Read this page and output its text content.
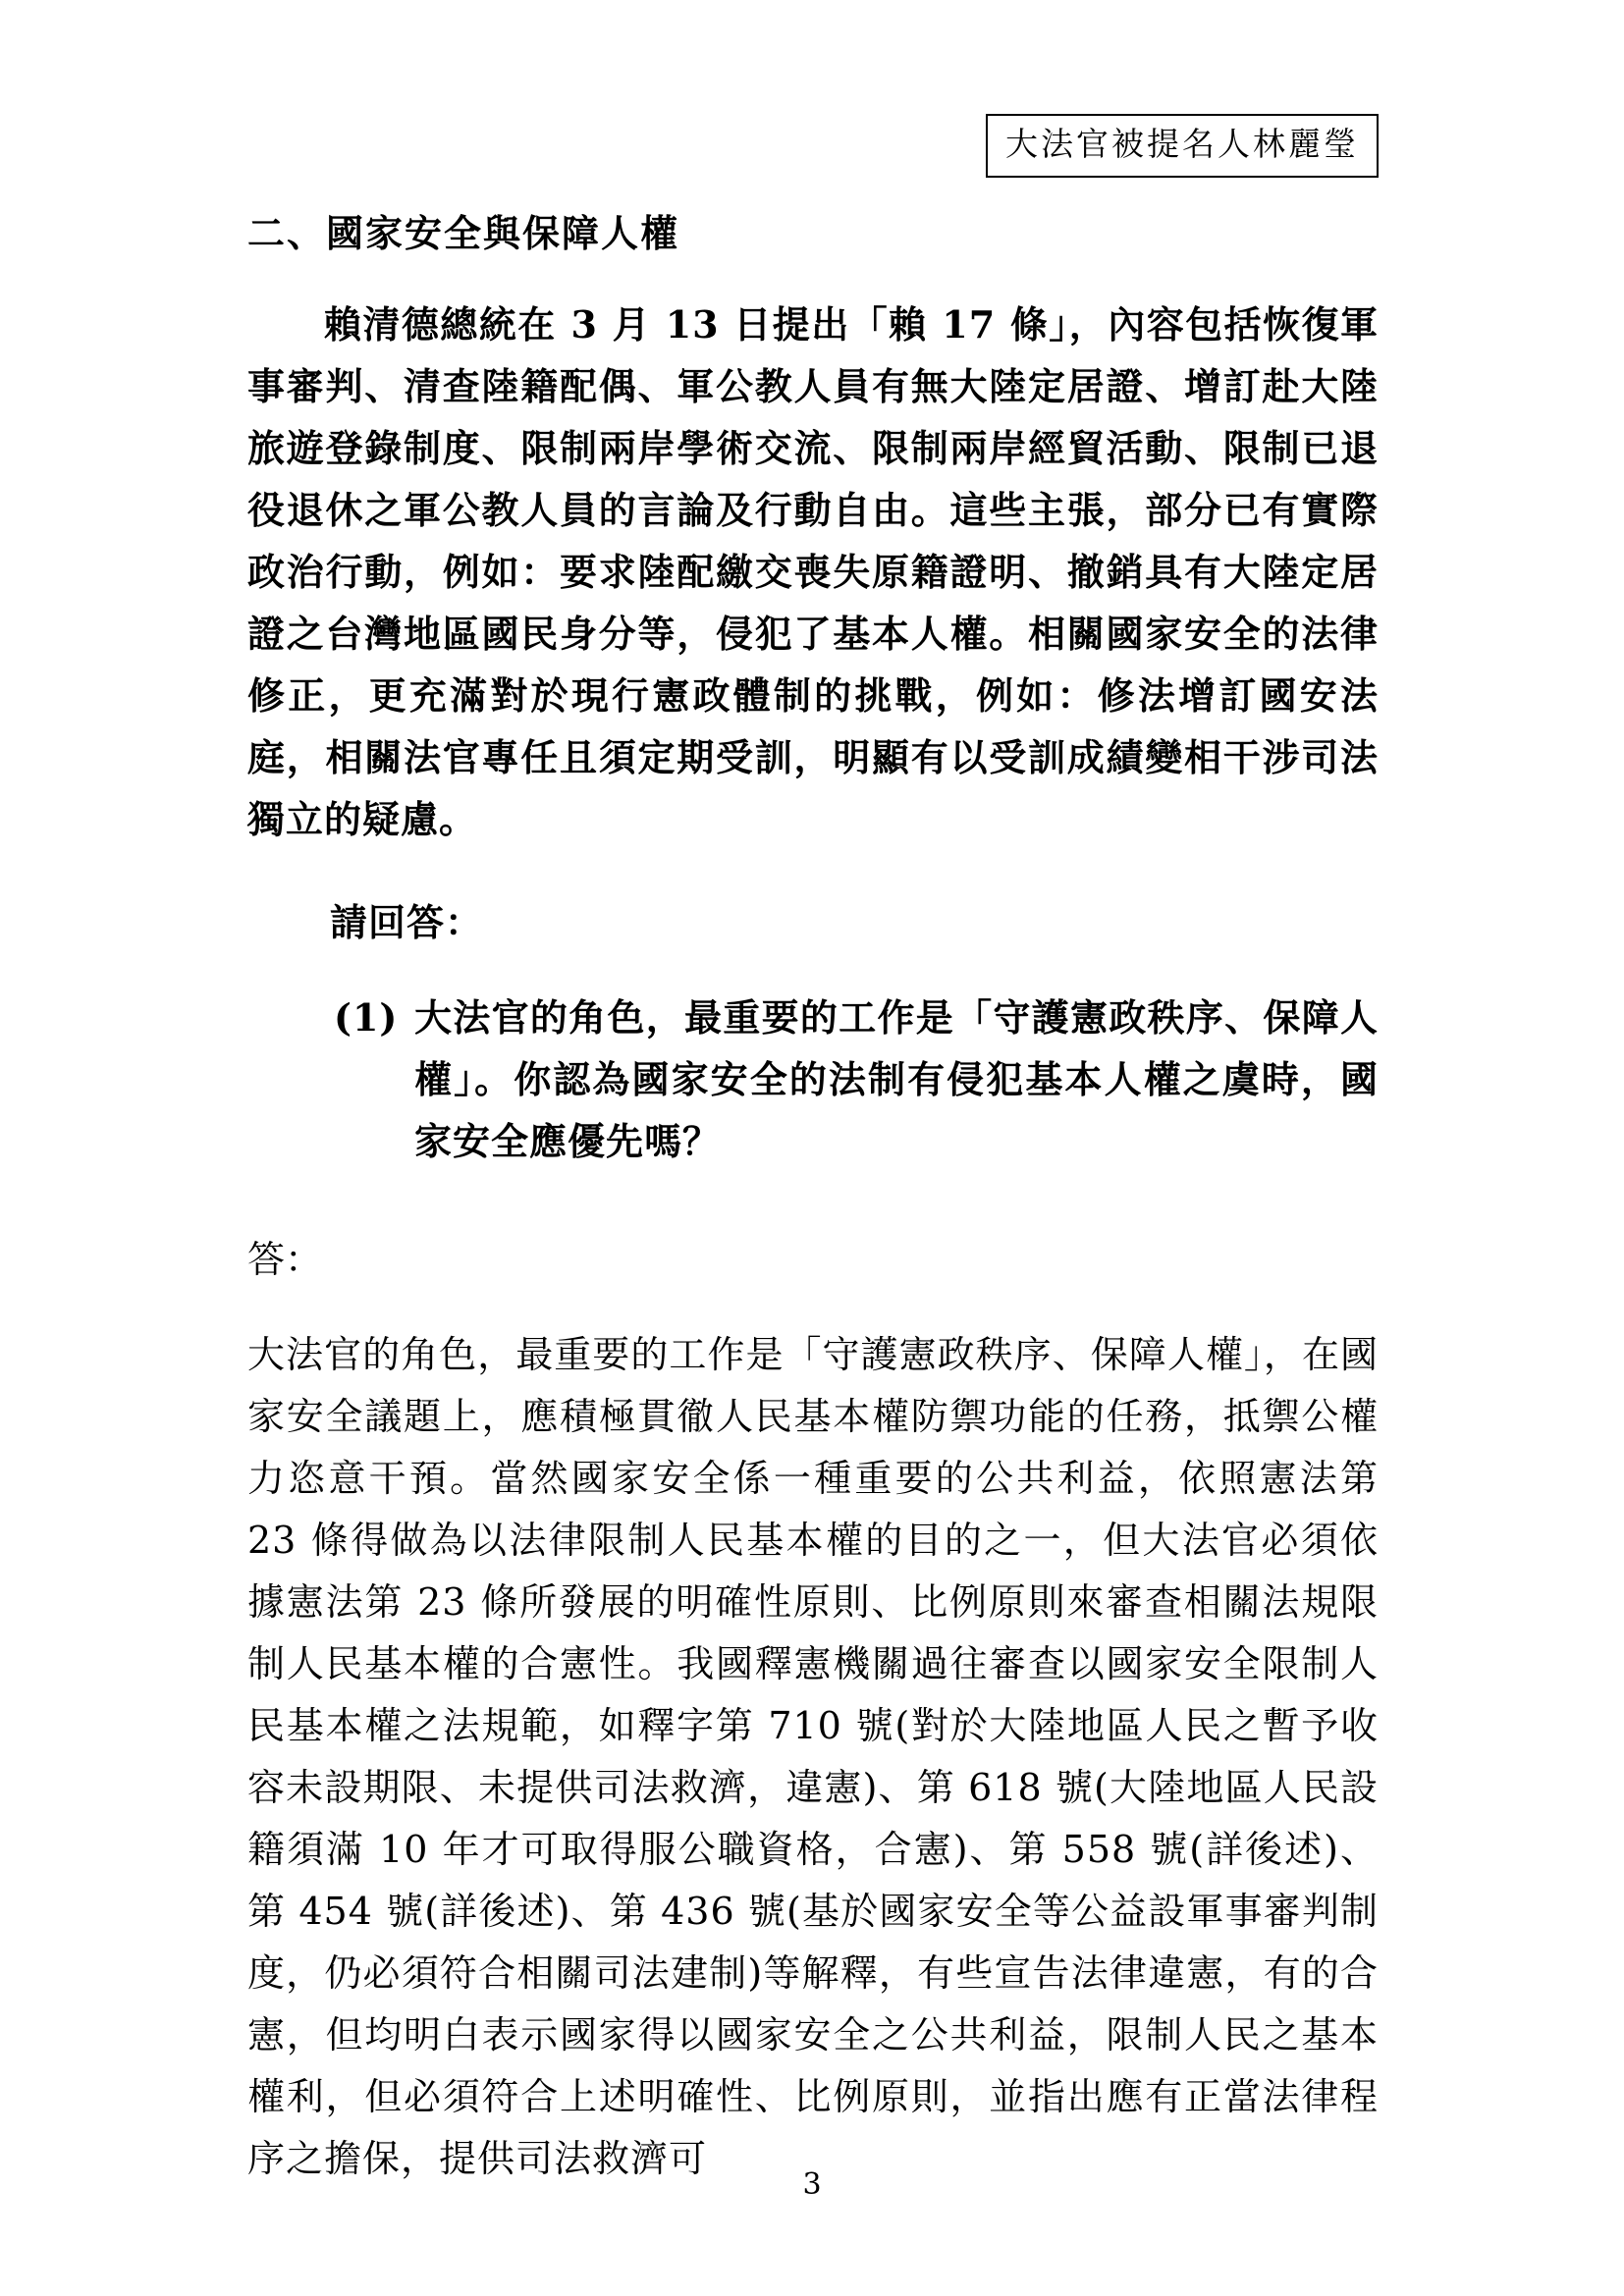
大法官被提名人林麗瑩
二、國家安全與保障人權

賴清德總統在 3 月 13 日提出「賴 17 條」，內容包括恢復軍事審判、清查陸籍配偶、軍公教人員有無大陸定居證、增訂赴大陸旅遊登錄制度、限制兩岸學術交流、限制兩岸經貿活動、限制已退役退休之軍公教人員的言論及行動自由。這些主張，部分已有實際政治行動，例如：要求陸配繳交喪失原籍證明、撤銷具有大陸定居證之台灣地區國民身分等，侵犯了基本人權。相關國家安全的法律修正，更充滿對於現行憲政體制的挑戰，例如：修法增訂國安法庭，相關法官專任且須定期受訓，明顯有以受訓成績變相干涉司法獨立的疑慮。

請回答：

(1) 大法官的角色，最重要的工作是「守護憲政秩序、保障人權」。你認為國家安全的法制有侵犯基本人權之虞時，國家安全應優先嗎？

答：

大法官的角色，最重要的工作是「守護憲政秩序、保障人權」，在國家安全議題上，應積極貫徹人民基本權防禦功能的任務，抵禦公權力恣意干預。當然國家安全係一種重要的公共利益，依照憲法第 23 條得做為以法律限制人民基本權的目的之一，但大法官必須依據憲法第 23 條所發展的明確性原則、比例原則來審查相關法規限制人民基本權的合憲性。我國釋憲機關過往審查以國家安全限制人民基本權之法規範，如釋字第 710 號(對於大陸地區人民之暫予收容未設期限、未提供司法救濟，違憲)、第 618 號(大陸地區人民設籍須滿 10 年才可取得服公職資格，合憲)、第 558 號(詳後述)、第 454 號(詳後述)、第 436 號(基於國家安全等公益設軍事審判制度，仍必須符合相關司法建制)等解釋，有些宣告法律違憲，有的合憲，但均明白表示國家得以國家安全之公共利益，限制人民之基本權利，但必須符合上述明確性、比例原則，並指出應有正當法律程序之擔保，提供司法救濟可

3
